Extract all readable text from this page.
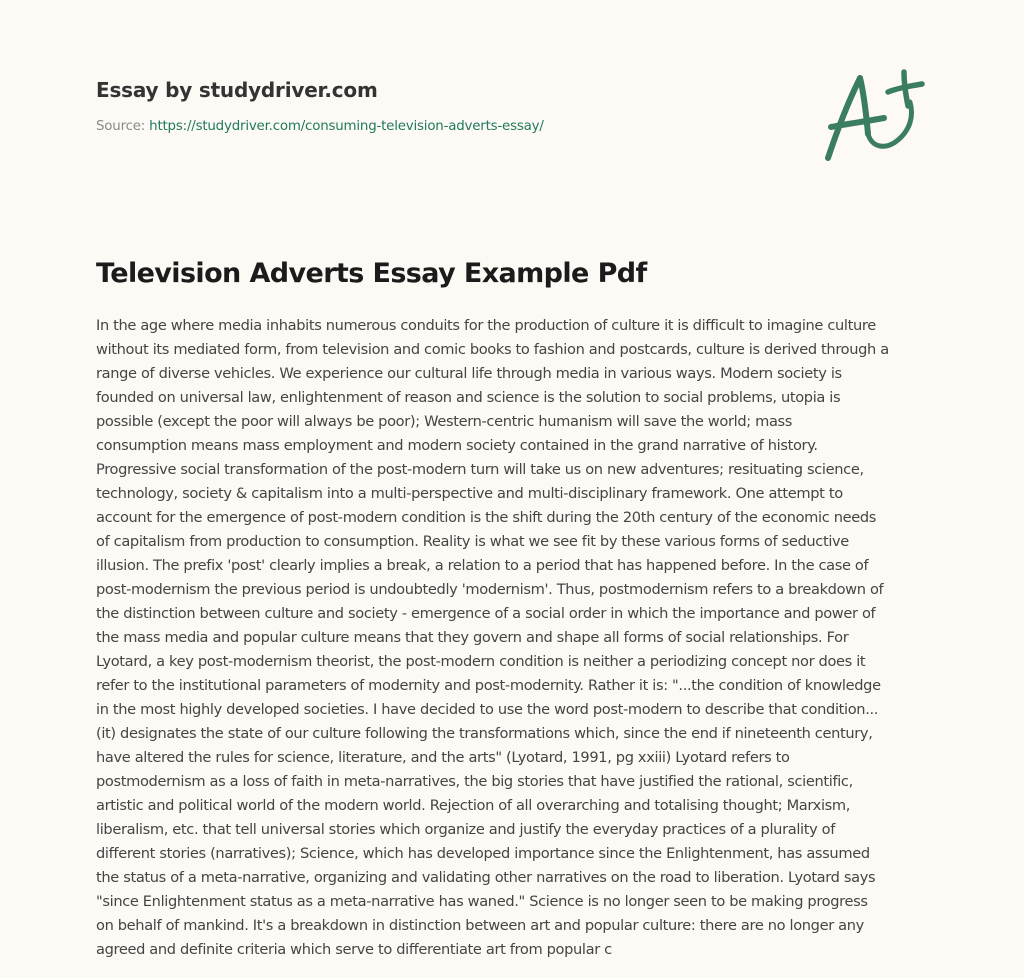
Essay by studydriver.com
Source: https://studydriver.com/consuming-television-adverts-essay/
Television Adverts Essay Example Pdf

In the age where media inhabits numerous conduits for the production of culture it is difficult to imagine culture
without its mediated form, from television and comic books to fashion and postcards, culture is derived through a
range of diverse vehicles. We experience our cultural life through media in various ways. Modern society is
founded on universal law, enlightenment of reason and science is the solution to social problems, utopia is
possible (except the poor will always be poor); Western-centric humanism will save the world; mass
consumption means mass employment and modern society contained in the grand narrative of history.
Progressive social transformation of the post-modern turn will take us on new adventures; resituating science,
technology, society & capitalism into a multi-perspective and multi-disciplinary framework. One attempt to
account for the emergence of post-modern condition is the shift during the 20th century of the economic needs
of capitalism from production to consumption. Reality is what we see fit by these various forms of seductive
illusion. The prefix 'post' clearly implies a break, a relation to a period that has happened before. In the case of
post-modernism the previous period is undoubtedly 'modernism'. Thus, postmodernism refers to a breakdown of
the distinction between culture and society - emergence of a social order in which the importance and power of
the mass media and popular culture means that they govern and shape all forms of social relationships. For
Lyotard, a key post-modernism theorist, the post-modern condition is neither a periodizing concept nor does it
refer to the institutional parameters of modernity and post-modernity. Rather it is: "...the condition of knowledge
in the most highly developed societies. I have decided to use the word post-modern to describe that condition...
(it) designates the state of our culture following the transformations which, since the end if nineteenth century,
have altered the rules for science, literature, and the arts" (Lyotard, 1991, pg xxiii) Lyotard refers to
postmodernism as a loss of faith in meta-narratives, the big stories that have justified the rational, scientific,
artistic and political world of the modern world. Rejection of all overarching and totalising thought; Marxism,
liberalism, etc. that tell universal stories which organize and justify the everyday practices of a plurality of
different stories (narratives); Science, which has developed importance since the Enlightenment, has assumed
the status of a meta-narrative, organizing and validating other narratives on the road to liberation. Lyotard says
"since Enlightenment status as a meta-narrative has waned." Science is no longer seen to be making progress
on behalf of mankind. It's a breakdown in distinction between art and popular culture: there are no longer any
agreed and definite criteria which serve to differentiate art from popular c
